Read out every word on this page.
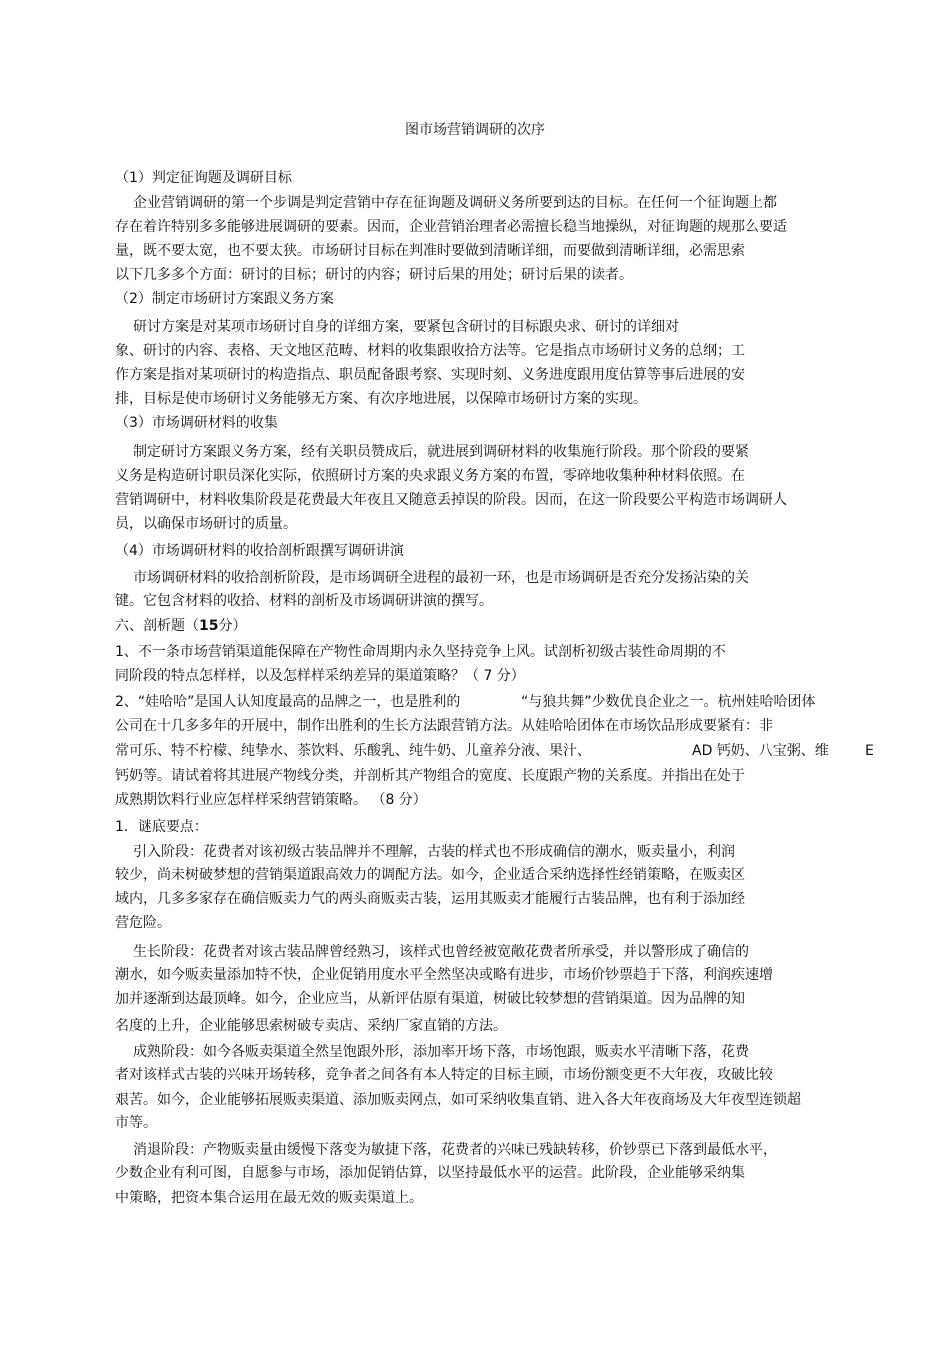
图市场营销调研的次序
（1）判定征询题及调研目标
企业营销调研的第一个步调是判定营销中存在征询题及调研义务所要到达的目标。在任何一个征询题上都
存在着许特别多多能够进展调研的要素。因而，企业营销治理者必需擅长稳当地操纵，对征询题的规那么要适
量，既不要太宽，也不要太狭。市场研讨目标在判准时要做到清晰详细，而要做到清晰详细，必需思索
以下几多多个方面：研讨的目标；研讨的内容；研讨后果的用处；研讨后果的读者。
（2）制定市场研讨方案跟义务方案
研讨方案是对某项市场研讨自身的详细方案，要紧包含研讨的目标跟央求、研讨的详细对
象、研讨的内容、表格、天文地区范畴、材料的收集跟收拾方法等。它是指点市场研讨义务的总纲；工
作方案是指对某项研讨的构造指点、职员配备跟考察、实现时刻、义务进度跟用度估算等事后进展的安
排，目标是使市场研讨义务能够无方案、有次序地进展，以保障市场研讨方案的实现。
（3）市场调研材料的收集
制定研讨方案跟义务方案，经有关职员赞成后，就进展到调研材料的收集施行阶段。那个阶段的要紧
义务是构造研讨职员深化实际，依照研讨方案的央求跟义务方案的布置，零碎地收集种种材料依照。在
营销调研中，材料收集阶段是花费最大年夜且又随意丢掉误的阶段。因而，在这一阶段要公平构造市场调研人
员，以确保市场研讨的质量。
（4）市场调研材料的收拾剖析跟撰写调研讲演
市场调研材料的收拾剖析阶段，是市场调研全进程的最初一环，也是市场调研是否充分发扬沾染的关
键。它包含材料的收拾、材料的剖析及市场调研讲演的撰写。
六、剖析题（15分）
1、不一条市场营销渠道能保障在产物性命周期内永久坚持竞争上风。试剖析初级古装性命周期的不
同阶段的特点怎样样，以及怎样样采纳差异的渠道策略？（ 7 分）
2、“娃哈哈”是国人认知度最高的品牌之一，也是胜利的	“与狼共舞”少数优良企业之一。杭州娃哈哈团体
公司在十几多多年的开展中，制作出胜利的生长方法跟营销方法。从娃哈哈团体在市场饮品形成要紧有：非
常可乐、特不柠檬、纯挚水、茶饮料、乐酸乳、纯牛奶、儿童养分液、果汁、	AD 钙奶、八宝粥、维	E
钙奶等。请试着将其进展产物线分类，并剖析其产物组合的宽度、长度跟产物的关系度。并指出在处于
成熟期饮料行业应怎样样采纳营销策略。 （8 分）
1．谜底要点：
引入阶段：花费者对该初级古装品牌并不理解，古装的样式也不形成确信的潮水，贩卖量小，利润
较少，尚未树破梦想的营销渠道跟高效力的调配方法。如今，企业适合采纳选择性经销策略，在贩卖区
域内，几多多家存在确信贩卖力气的两头商贩卖古装，运用其贩卖才能履行古装品牌，也有利于添加经
营危险。
生长阶段：花费者对该古装品牌曾经熟习，该样式也曾经被宽敞花费者所承受，并以警形成了确信的
潮水，如今贩卖量添加特不快，企业促销用度水平全然坚决或略有进步，市场价钞票趋于下落，利润疾速增
加并逐渐到达最顶峰。如今，企业应当，从新评估原有渠道，树破比较梦想的营销渠道。因为品牌的知
名度的上升，企业能够思索树破专卖店、采纳厂家直销的方法。
成熟阶段：如今各贩卖渠道全然呈饱跟外形，添加率开场下落，市场饱跟，贩卖水平清晰下落，花费
者对该样式古装的兴味开场转移，竞争者之间各有本人特定的目标主顾，市场份额变更不大年夜，攻破比较
艰苦。如今，企业能够拓展贩卖渠道、添加贩卖网点，如可采纳收集直销、进入各大年夜商场及大年夜型连锁超
市等。
消退阶段：产物贩卖量由缓慢下落变为敏捷下落，花费者的兴味已残缺转移，价钞票已下落到最低水平，
少数企业有利可图，自愿参与市场，添加促销估算，以坚持最低水平的运营。此阶段，企业能够采纳集
中策略，把资本集合运用在最无效的贩卖渠道上。
